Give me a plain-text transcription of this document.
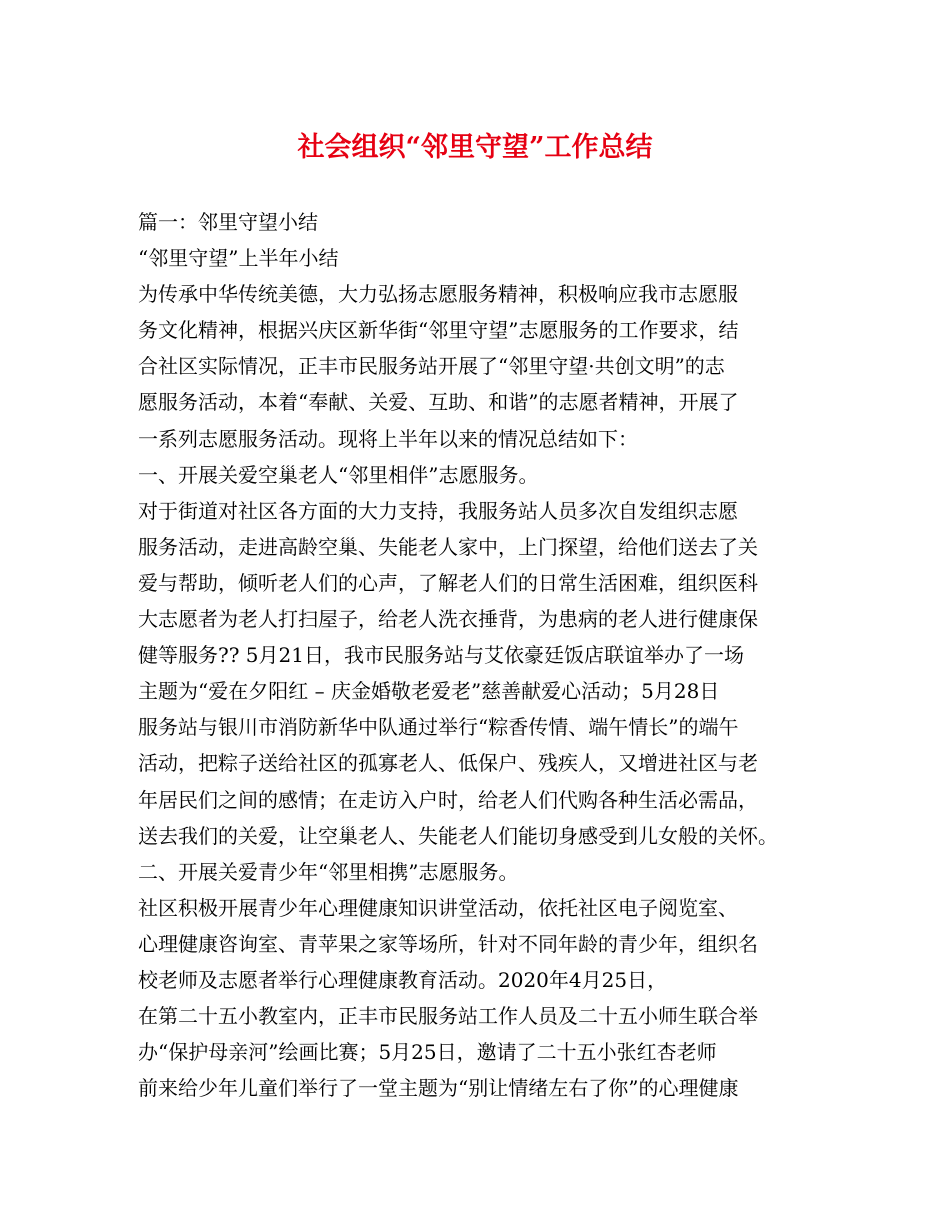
社会组织“邻里守望”工作总结
篇一：邻里守望小结
“邻里守望”上半年小结
为传承中华传统美德，大力弘扬志愿服务精神，积极响应我市志愿服
务文化精神，根据兴庆区新华街“邻里守望”志愿服务的工作要求，结
合社区实际情况，正丰市民服务站开展了“邻里守望·共创文明”的志
愿服务活动，本着“奉献、关爱、互助、和谐”的志愿者精神，开展了
一系列志愿服务活动。现将上半年以来的情况总结如下：
一、开展关爱空巢老人“邻里相伴”志愿服务。
对于街道对社区各方面的大力支持，我服务站人员多次自发组织志愿
服务活动，走进高龄空巢、失能老人家中，上门探望，给他们送去了关
爱与帮助，倾听老人们的心声，了解老人们的日常生活困难，组织医科
大志愿者为老人打扫屋子，给老人洗衣捶背，为患病的老人进行健康保
健等服务?? 5月21日，我市民服务站与艾依豪廷饭店联谊举办了一场
主题为“爱在夕阳红 – 庆金婚敬老爱老”慈善献爱心活动；5月28日
服务站与银川市消防新华中队通过举行“粽香传情、端午情长”的端午
活动，把粽子送给社区的孤寡老人、低保户、残疾人，又增进社区与老
年居民们之间的感情；在走访入户时，给老人们代购各种生活必需品，
送去我们的关爱，让空巢老人、失能老人们能切身感受到儿女般的关怀。
二、开展关爱青少年“邻里相携”志愿服务。
社区积极开展青少年心理健康知识讲堂活动，依托社区电子阅览室、
心理健康咨询室、青苹果之家等场所，针对不同年龄的青少年，组织名
校老师及志愿者举行心理健康教育活动。2020年4月25日，
在第二十五小教室内，正丰市民服务站工作人员及二十五小师生联合举
办“保护母亲河”绘画比赛；5月25日，邀请了二十五小张红杏老师
前来给少年儿童们举行了一堂主题为“别让情绪左右了你”的心理健康
